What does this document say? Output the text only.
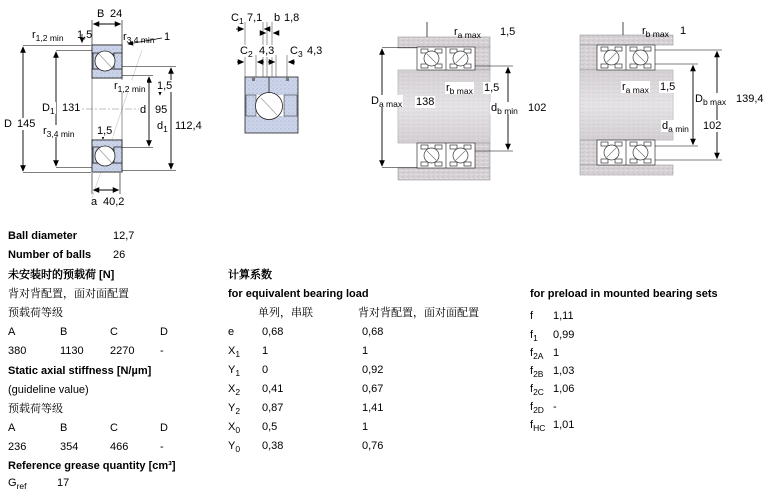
B 24
$r_{1,2 min}$ 1,5	$r_{3,4 min}$ 1
$r_{1,2 min}$ 1,5
$D_1$ 131	d 95
D 145	$d_1$ 112,4
$r_{3,4 min}$ 1,5
a 40,2
$C_1$ 7,1 b 1,8
$C_2$ 4,3 $C_3$ 4,3
$r_{a max}$ 1,5
$r_{b max}$ 1,5
$D_{a max}$ 138	$d_{b min}$ 102
$r_{b max}$ 1
$r_{a max}$ 1,5
$D_{b max}$ 139,4
$d_{a min}$ 102
Ball diameter	12,7
Number of balls 26
未安装时的预载荷 [N]
背对背配置，面对面配置
预载荷等级
A	B	C	D
380	1130 2270 -
Static axial stiffness [N/µm]
(guideline value)
预载荷等级
A	B	C	D
236	354	466	-
Reference grease quantity [cm³]
$G_{ref}$	17
计算系数
for equivalent bearing load
单列，串联	背对背配置，面对面配置
e	0,68	0,68
$X_1$ 1	1
$Y_1$ 0	0,92
$X_2$ 0,41	0,67
$Y_2$ 0,87	1,41
$X_0$ 0,5	1
$Y_0$ 0,38	0,76
for preload in mounted bearing sets
f 1,11
$f_1$ 0,99
$f_{2A}$ 1
$f_{2B}$ 1,03
$f_{2C}$ 1,06
$f_{2D}$ -
$f_{HC}$ 1,01
